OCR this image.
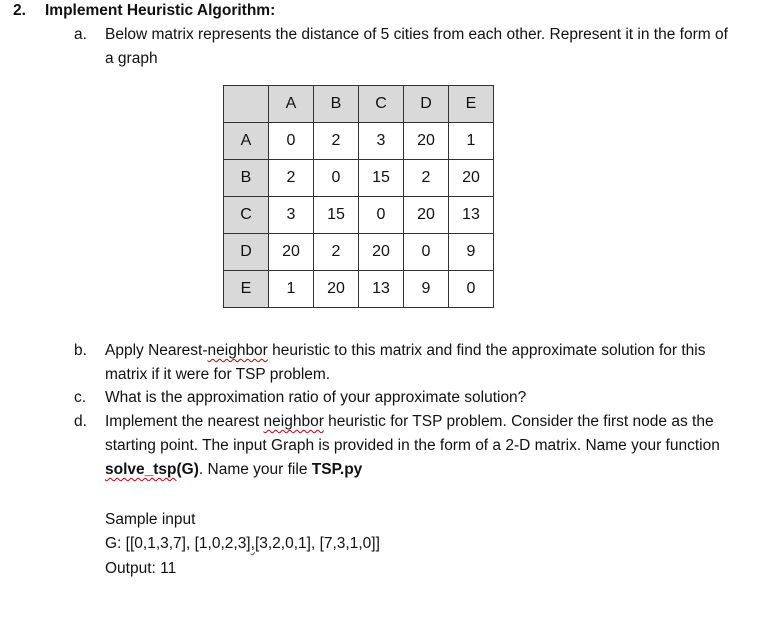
2. Implement Heuristic Algorithm:
a.	Below matrix represents the distance of 5 cities from each other. Represent it in the form of a graph
	A	B	C	D	E
A	0	2	3	20	1
B	2	0	15	2	20
C	3	15	0	20	13
D	20	2	20	0	9
E	1	20	13	9	0
b.	Apply Nearest-neighbor heuristic to this matrix and find the approximate solution for this matrix if it were for TSP problem.
c.	What is the approximation ratio of your approximate solution?
d.	Implement the nearest neighbor heuristic for TSP problem. Consider the first node as the starting point. The input Graph is provided in the form of a 2-D matrix. Name your function solve_tsp(G). Name your file TSP.py
Sample input
G: [[0,1,3,7], [1,0,2,3],[3,2,0,1], [7,3,1,0]]
Output: 11
